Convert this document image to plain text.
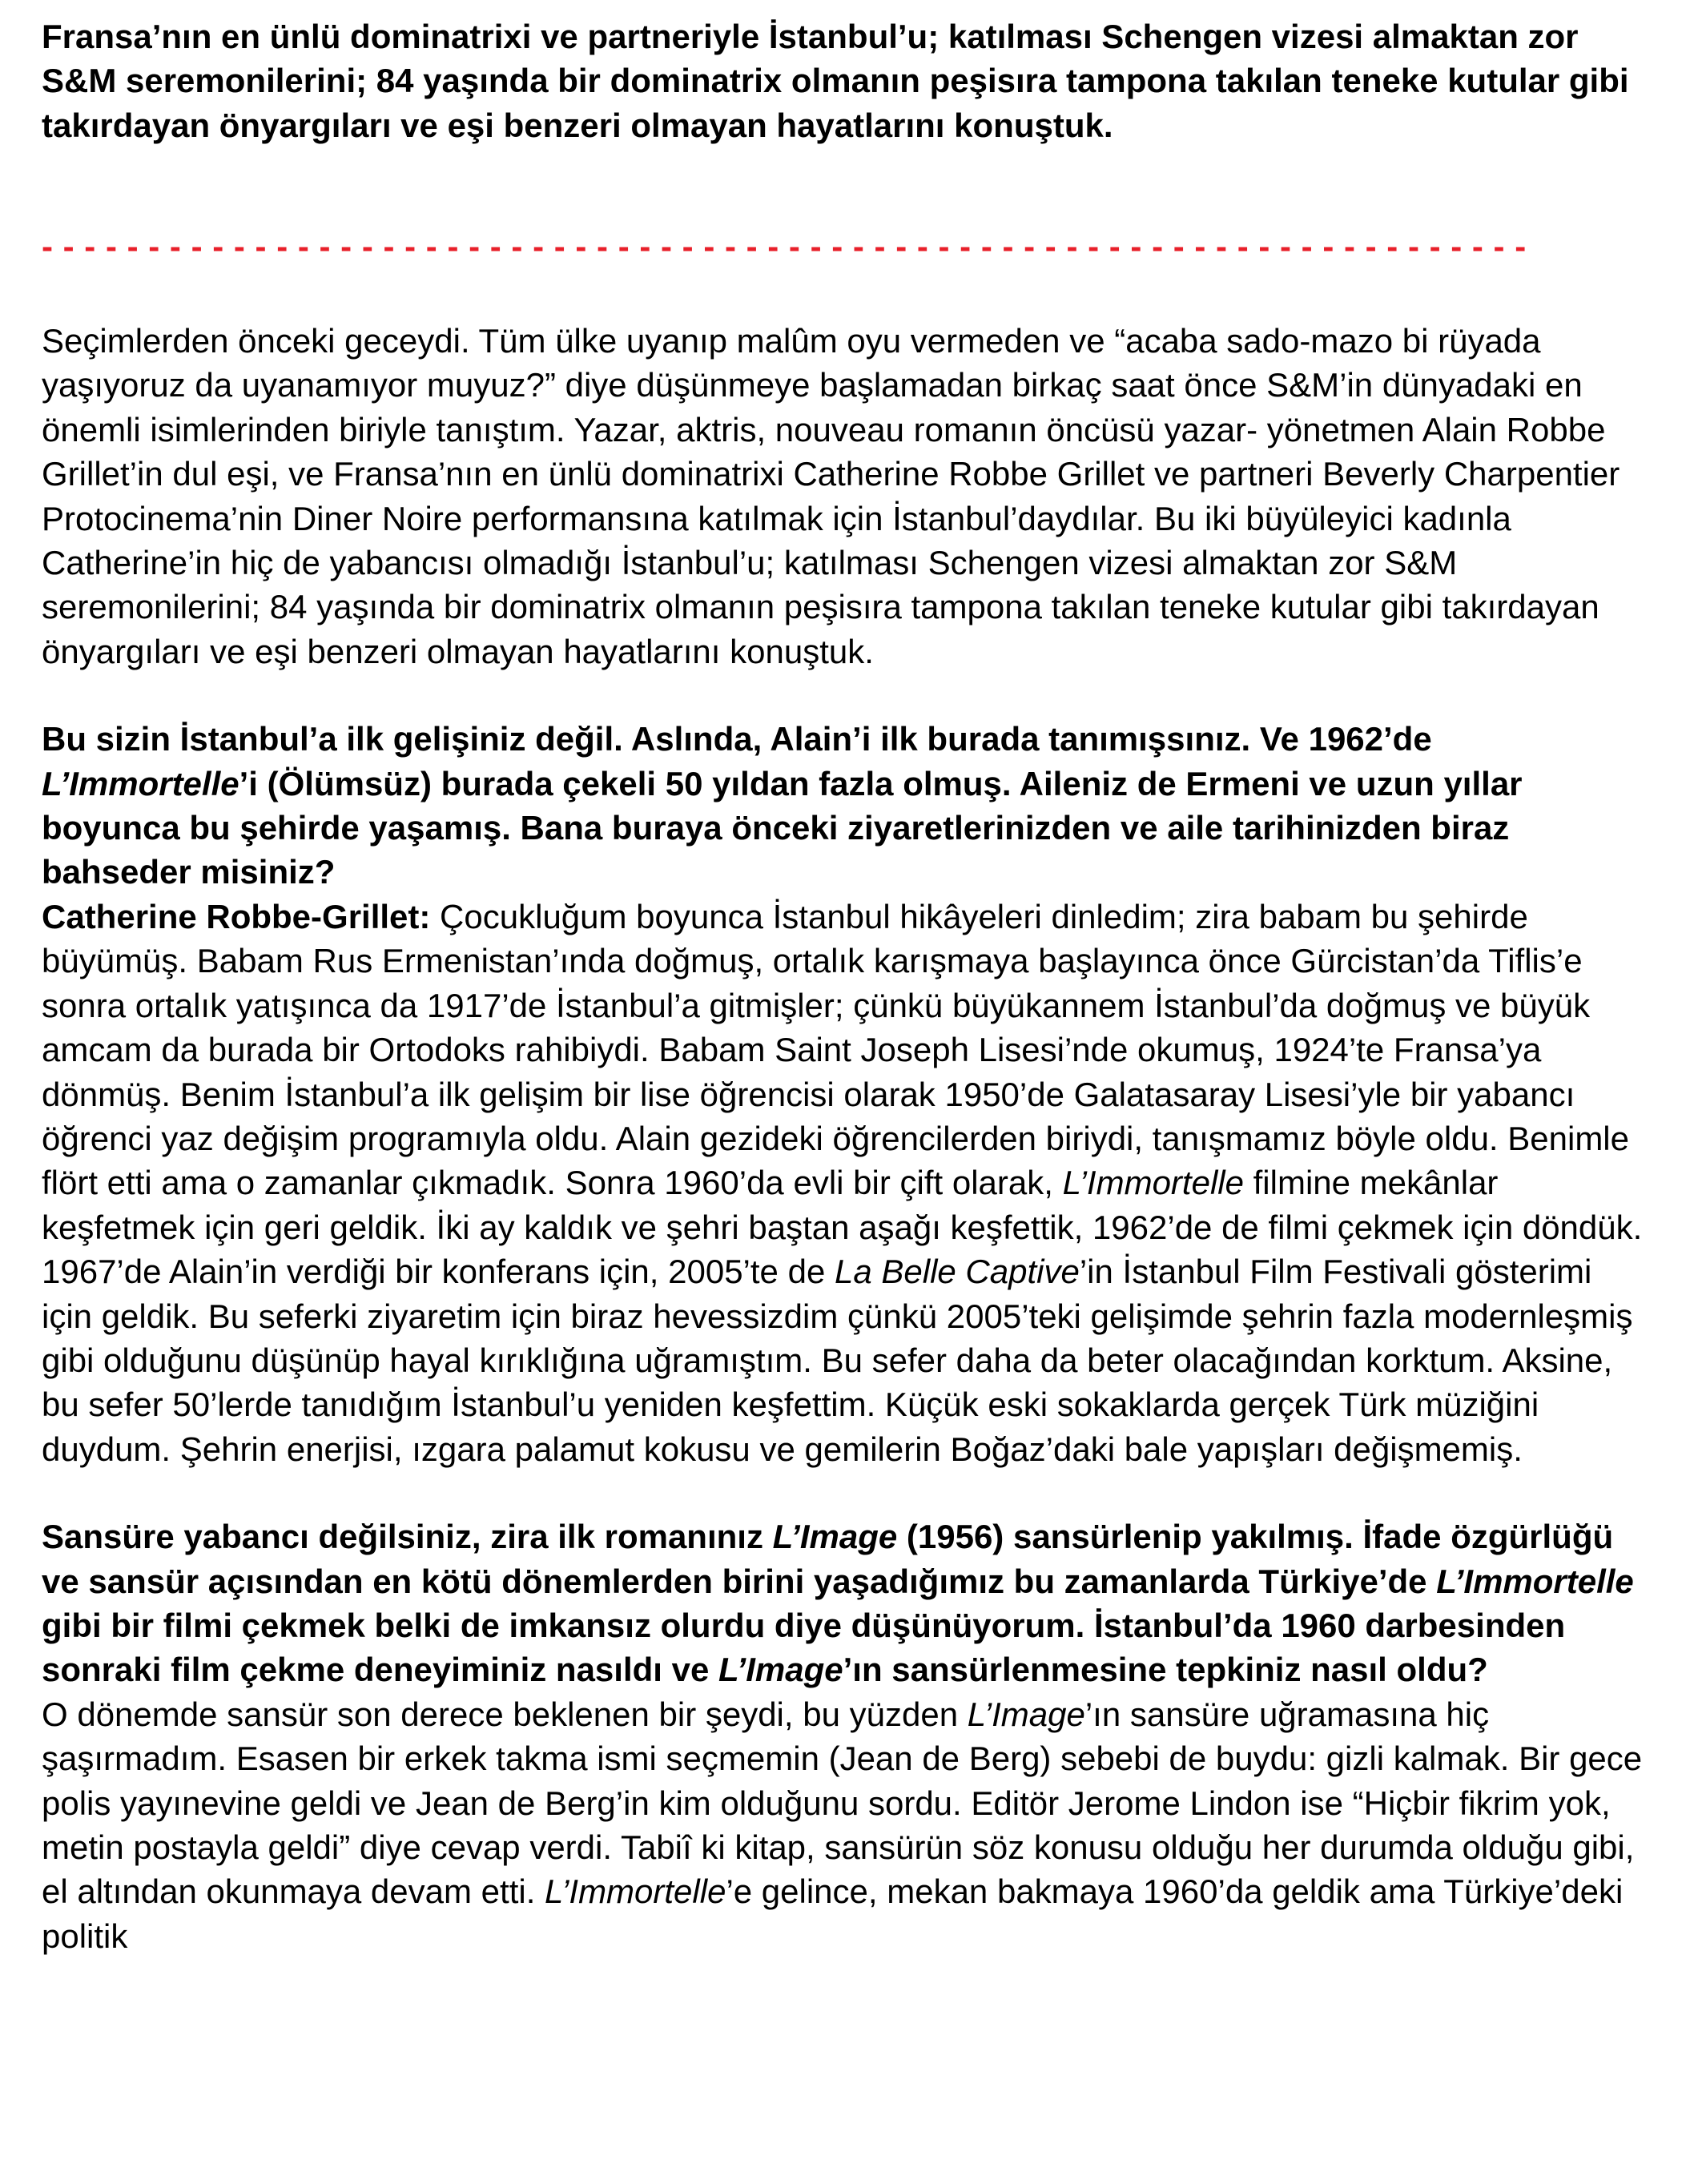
Fransa’nın en ünlü dominatrixi ve partneriyle İstanbul’u; katılması Schengen vizesi almaktan zor S&M seremonilerini; 84 yaşında bir dominatrix olmanın peşisıra tampona takılan teneke kutular gibi takırdayan önyargıları ve eşi benzeri olmayan hayatlarını konuştuk.

- - - - - - - - - - - - - - - - - - - - - - - - - - - - - - - - - - - - - - - - - - - - - - - - - - - - - - - - - - - - - - - - - - - - - -

Seçimlerden önceki geceydi. Tüm ülke uyanıp malûm oyu vermeden ve “acaba sado-mazo bi rüyada yaşıyoruz da uyanamıyor muyuz?” diye düşünmeye başlamadan birkaç saat önce S&M’in dünyadaki en önemli isimlerinden biriyle tanıştım. Yazar, aktris, nouveau romanın öncüsü yazar- yönetmen Alain Robbe Grillet’in dul eşi, ve Fransa’nın en ünlü dominatrixi Catherine Robbe Grillet ve partneri Beverly Charpentier Protocinema’nin Diner Noire performansına katılmak için İstanbul’daydılar. Bu iki büyüleyici kadınla Catherine’in hiç de yabancısı olmadığı İstanbul’u; katılması Schengen vizesi almaktan zor S&M seremonilerini; 84 yaşında bir dominatrix olmanın peşisıra tampona takılan teneke kutular gibi takırdayan önyargıları ve eşi benzeri olmayan hayatlarını konuştuk.

Bu sizin İstanbul’a ilk gelişiniz değil. Aslında, Alain’i ilk burada tanımışsınız. Ve 1962’de L’Immortelle’i (Ölümsüz) burada çekeli 50 yıldan fazla olmuş. Aileniz de Ermeni ve uzun yıllar boyunca bu şehirde yaşamış. Bana buraya önceki ziyaretlerinizden ve aile tarihinizden biraz bahseder misiniz?

Catherine Robbe-Grillet: Çocukluğum boyunca İstanbul hikâyeleri dinledim; zira babam bu şehirde büyümüş. Babam Rus Ermenistan’ında doğmuş, ortalık karışmaya başlayınca önce Gürcistan’da Tiflis’e sonra ortalık yatışınca da 1917’de İstanbul’a gitmişler; çünkü büyükannem İstanbul’da doğmuş ve büyük amcam da burada bir Ortodoks rahibiydi. Babam Saint Joseph Lisesi’nde okumuş, 1924’te Fransa’ya dönmüş. Benim İstanbul’a ilk gelişim bir lise öğrencisi olarak 1950’de Galatasaray Lisesi’yle bir yabancı öğrenci yaz değişim programıyla oldu. Alain gezideki öğrencilerden biriydi, tanışmamız böyle oldu. Benimle flört etti ama o zamanlar çıkmadık. Sonra 1960’da evli bir çift olarak, L’Immortelle filmine mekânlar keşfetmek için geri geldik. İki ay kaldık ve şehri baştan aşağı keşfettik, 1962’de de filmi çekmek için döndük. 1967’de Alain’in verdiği bir konferans için, 2005’te de La Belle Captive’in İstanbul Film Festivali gösterimi için geldik. Bu seferki ziyaretim için biraz hevessizdim çünkü 2005’teki gelişimde şehrin fazla modernleşmiş gibi olduğunu düşünüp hayal kırıklığına uğramıştım. Bu sefer daha da beter olacağından korktum. Aksine, bu sefer 50’lerde tanıdığım İstanbul’u yeniden keşfettim. Küçük eski sokaklarda gerçek Türk müziğini duydum. Şehrin enerjisi, ızgara palamut kokusu ve gemilerin Boğaz’daki bale yapışları değişmemiş.

Sansüre yabancı değilsiniz, zira ilk romanınız L’Image (1956) sansürlenip yakılmış. İfade özgürlüğü ve sansür açısından en kötü dönemlerden birini yaşadığımız bu zamanlarda Türkiye’de L’Immortelle gibi bir filmi çekmek belki de imkansız olurdu diye düşünüyorum. İstanbul’da 1960 darbesinden sonraki film çekme deneyiminiz nasıldı ve L’Image’ın sansürlenmesine tepkiniz nasıl oldu?

O dönemde sansür son derece beklenen bir şeydi, bu yüzden L’Image’ın sansüre uğramasına hiç şaşırmadım. Esasen bir erkek takma ismi seçmemin (Jean de Berg) sebebi de buydu: gizli kalmak. Bir gece polis yayınevine geldi ve Jean de Berg’in kim olduğunu sordu. Editör Jerome Lindon ise “Hiçbir fikrim yok, metin postayla geldi” diye cevap verdi. Tabiî ki kitap, sansürün söz konusu olduğu her durumda olduğu gibi, el altından okunmaya devam etti. L’Immortelle’e gelince, mekan bakmaya 1960’da geldik ama Türkiye’deki politik
